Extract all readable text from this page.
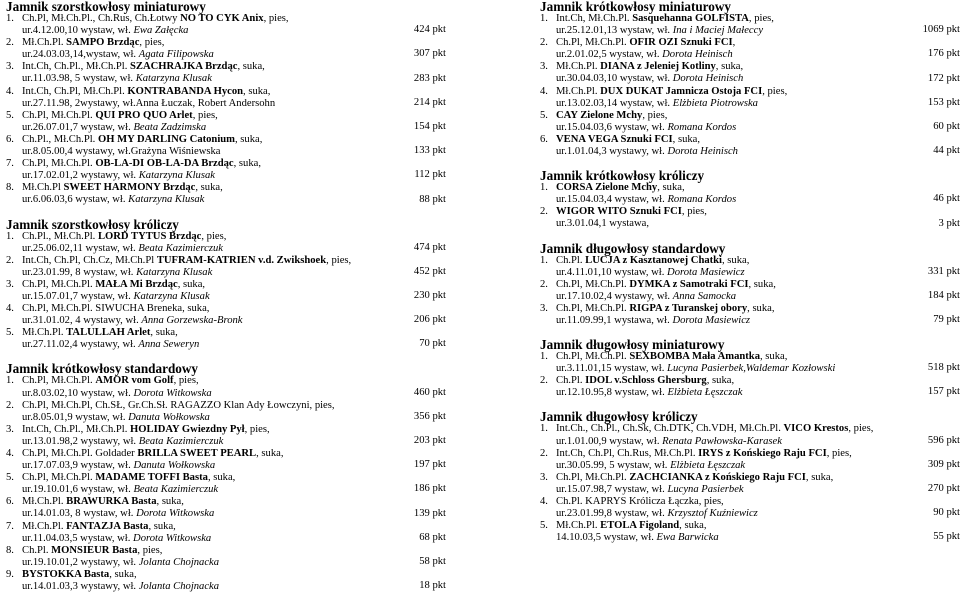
Jamnik szorstkowłosy miniaturowy
1. Ch.Pl, Mł.Ch.Pl., Ch.Rus, Ch.Łotwy NO TO CYK Anix, pies,
ur.4.12.00,10 wystaw, wł. Ewa Załęcka	424 pkt
2. Mł.Ch.Pl. SAMPO Brzdąc, pies,
ur.24.03.03,14,wystaw, wł. Agata Filipowska	307 pkt
3. Int.Ch, Ch.Pl., Mł.Ch.Pl. SZACHRAJKA Brzdąc, suka,
ur.11.03.98, 5 wystaw, wł. Katarzyna Klusak	283 pkt
4. Int.Ch, Ch.Pl, Mł.Ch.Pl. KONTRABANDA Hycon, suka,
ur.27.11.98, 2wystawy, wł.Anna Łuczak, Robert Andersohn	214 pkt
5. Ch.Pl, Mł.Ch.Pl. QUI PRO QUO Arlet, pies,
ur.26.07.01,7 wystaw, wł. Beata Zadzimska	154 pkt
6. Ch.Pl., Mł.Ch.Pl. OH MY DARLING Catonium, suka,
ur.8.05.00,4 wystawy, wł.Grażyna Wiśniewska	133 pkt
7. Ch.Pl, Mł.Ch.Pl. OB-LA-DI OB-LA-DA Brzdąc, suka,
ur.17.02.01,2 wystawy, wł. Katarzyna Klusak	112 pkt
8. Mł.Ch.Pl SWEET HARMONY Brzdąc, suka,
ur.6.06.03,6 wystaw, wł. Katarzyna Klusak	88 pkt
Jamnik szorstkowłosy króliczy
1. Ch.Pl., Mł.Ch.Pl. LORD TYTUS Brzdąc, pies,
ur.25.06.02,11 wystaw, wł. Beata Kazimierczuk	474 pkt
2. Int.Ch, Ch.Pl, Ch.Cz, Mł.Ch.Pl TUFRAM-KATRIEN v.d. Zwikshoek, pies,
ur.23.01.99, 8 wystaw, wł. Katarzyna Klusak	452 pkt
3. Ch.Pl, Mł.Ch.Pl. MAŁA Mi Brzdąc, suka,
ur.15.07.01,7 wystaw, wł. Katarzyna Klusak	230 pkt
4. Ch.Pl, Mł.Ch.Pl. SIWUCHA Breneka, suka,
ur.31.01.02, 4 wystawy, wł. Anna Gorzewska-Bronk	206 pkt
5. Mł.Ch.Pl. TALULLAH Arlet, suka,
ur.27.11.02,4 wystawy, wł. Anna Seweryn	70 pkt
Jamnik krótkowłosy standardowy
1. Ch.Pl, Mł.Ch.Pl. AMOR vom Golf, pies,
ur.8.03.02,10 wystaw, wł. Dorota Witkowska	460 pkt
2. Ch.Pl, Mł.Ch.Pl, Ch.SŁ, Gr.Ch.Sł. RAGAZZO Klan Ady Łowczyni, pies,
ur.8.05.01,9 wystaw, wł. Danuta Wołkowska	356 pkt
3. Int.Ch, Ch.Pl., Mł.Ch.Pl. HOLIDAY Gwiezdny Pył, pies,
ur.13.01.98,2 wystawy, wł. Beata Kazimierczuk	203 pkt
4. Ch.Pl, Mł.Ch.Pl. Goldader BRILLA SWEET PEARL, suka,
ur.17.07.03,9 wystaw, wł. Danuta Wołkowska	197 pkt
5. Ch.Pl, Mł.Ch.Pl. MADAME TOFFI Basta, suka,
ur.19.10.01,6 wystaw, wł. Beata Kazimierczuk	186 pkt
6. Mł.Ch.Pl. BRAWURKA Basta, suka,
ur.14.01.03, 8 wystaw, wł. Dorota Witkowska	139 pkt
7. Mł.Ch.Pl. FANTAZJA Basta, suka,
ur.11.04.03,5 wystaw, wł. Dorota Witkowska	68 pkt
8. Ch.Pl. MONSIEUR Basta, pies,
ur.19.10.01,2 wystawy, wł. Jolanta Chojnacka	58 pkt
9. BYSTOKKA Basta, suka,
ur.14.01.03,3 wystawy, wł. Jolanta Chojnacka	18 pkt
Jamnik krótkowłosy miniaturowy
1. Int.Ch, Mł.Ch.Pl. Sasquehanna GOLFISTA, pies,
ur.25.12.01,13 wystaw, wł. Ina i Maciej Małeccy	1069 pkt
2. Ch.Pl, Mł.Ch.Pl. OFIR OZI Sznuki FCI,
ur.2.01.02,5 wystaw, wł. Dorota Heinisch	176 pkt
3. Mł.Ch.Pl. DIANA z Jeleniej Kotliny, suka,
ur.30.04.03,10 wystaw, wł. Dorota Heinisch	172 pkt
4. Mł.Ch.Pl. DUX DUKAT Jamnicza Ostoja FCI, pies,
ur.13.02.03,14 wystaw, wł. Elżbieta Piotrowska	153 pkt
5. CAY Zielone Mchy, pies,
ur.15.04.03,6 wystaw, wł. Romana Kordos	60 pkt
6. VENA VEGA Sznuki FCI, suka,
ur.1.01.04,3 wystawy, wł. Dorota Heinisch	44 pkt
Jamnik krótkowłosy króliczy
1. CORSA Zielone Mchy, suka,
ur.15.04.03,4 wystaw, wł. Romana Kordos	46 pkt
2. WIGOR WITO Sznuki FCI, pies,
ur.3.01.04,1 wystawa,	3 pkt
Jamnik długowłosy standardowy
1. Ch.Pl. LUCJA z Kasztanowej Chatki, suka,
ur.4.11.01,10 wystaw, wł. Dorota Masiewicz	331 pkt
2. Ch.Pl, Mł.Ch.Pl. DYMKA z Samotraki FCI, suka,
ur.17.10.02,4 wystawy, wł. Anna Samocka	184 pkt
3. Ch.Pl, Mł.Ch.Pl. RIGPA z Turanskej obory, suka,
ur.11.09.99,1 wystawa, wł. Dorota Masiewicz	79 pkt
Jamnik długowłosy miniaturowy
1. Ch.Pl, Mł.Ch.Pl. SEXBOMBA Mała Amantka, suka,
ur.3.11.01,15 wystaw, wł. Lucyna Pasierbek,Waldemar Kozłowski	518 pkt
2. Ch.Pl. IDOL v.Schloss Ghersburg, suka,
ur.12.10.95,8 wystaw, wł. Elżbieta Łęszczak	157 pkt
Jamnik długowłosy króliczy
1. Int.Ch., Ch.Pl., Ch.Sk, Ch.DTK, Ch.VDH, Mł.Ch.Pl. VICO Krestos, pies,
ur.1.01.00,9 wystaw, wł. Renata Pawłowska-Karasek	596 pkt
2. Int.Ch, Ch.Pl, Ch.Rus, Mł.Ch.Pl. IRYS z Końskiego Raju FCI, pies,
ur.30.05.99, 5 wystaw, wł. Elżbieta Łęszczak	309 pkt
3. Ch.Pl, Mł.Ch.Pl. ZACHCIANKA z Końskiego Raju FCI, suka,
ur.15.07.98,7 wystaw, wł. Lucyna Pasierbek	270 pkt
4. Ch.Pl. KAPRYS Królicza Łączka, pies,
ur.23.01.99,8 wystaw, wł. Krzysztof Kuźniewicz	90 pkt
5. Mł.Ch.Pl. ETOLA Figoland, suka,
14.10.03,5 wystaw, wł. Ewa Barwicka	55 pkt
